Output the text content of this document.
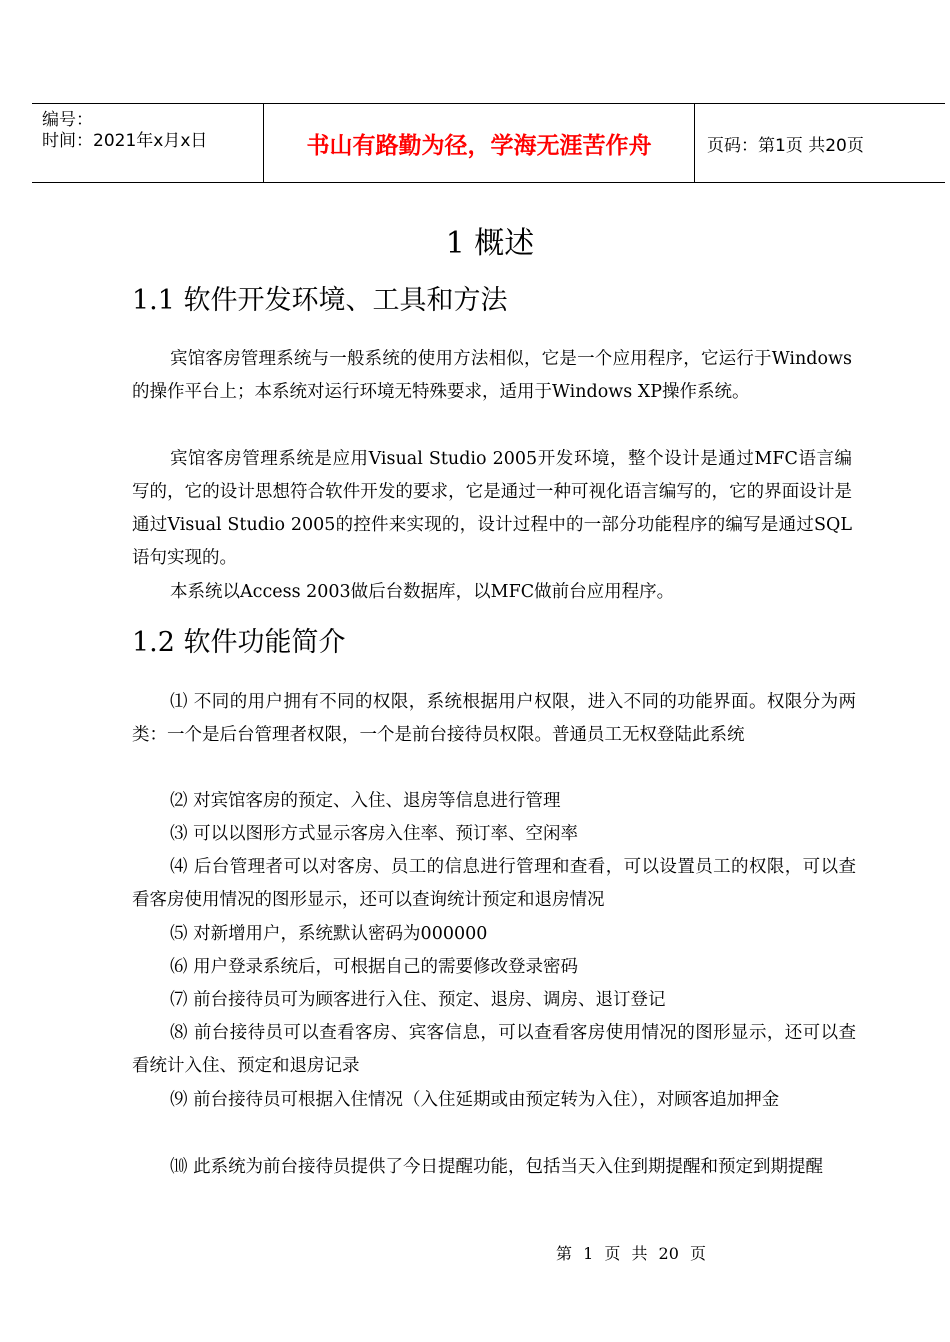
编号：
时间：2021年x月x日	书山有路勤为径，学海无涯苦作舟	页码：第1页 共20页
1 概述
1.1 软件开发环境、工具和方法

宾馆客房管理系统与一般系统的使用方法相似，它是一个应用程序，它运行于Windows的操作平台上；本系统对运行环境无特殊要求，适用于Windows XP操作系统。

宾馆客房管理系统是应用Visual Studio 2005开发环境，整个设计是通过MFC语言编写的，它的设计思想符合软件开发的要求，它是通过一种可视化语言编写的，它的界面设计是通过Visual Studio 2005的控件来实现的，设计过程中的一部分功能程序的编写是通过SQL语句实现的。

本系统以Access 2003做后台数据库，以MFC做前台应用程序。

1.2 软件功能简介

⑴ 不同的用户拥有不同的权限，系统根据用户权限，进入不同的功能界面。权限分为两类：一个是后台管理者权限，一个是前台接待员权限。普通员工无权登陆此系统

⑵ 对宾馆客房的预定、入住、退房等信息进行管理

⑶ 可以以图形方式显示客房入住率、预订率、空闲率

⑷ 后台管理者可以对客房、员工的信息进行管理和查看，可以设置员工的权限，可以查看客房使用情况的图形显示，还可以查询统计预定和退房情况

⑸ 对新增用户，系统默认密码为000000

⑹ 用户登录系统后，可根据自己的需要修改登录密码

⑺ 前台接待员可为顾客进行入住、预定、退房、调房、退订登记

⑻ 前台接待员可以查看客房、宾客信息，可以查看客房使用情况的图形显示，还可以查看统计入住、预定和退房记录

⑼ 前台接待员可根据入住情况（入住延期或由预定转为入住），对顾客追加押金

⑽ 此系统为前台接待员提供了今日提醒功能，包括当天入住到期提醒和预定到期提醒

第 1 页 共 20 页
